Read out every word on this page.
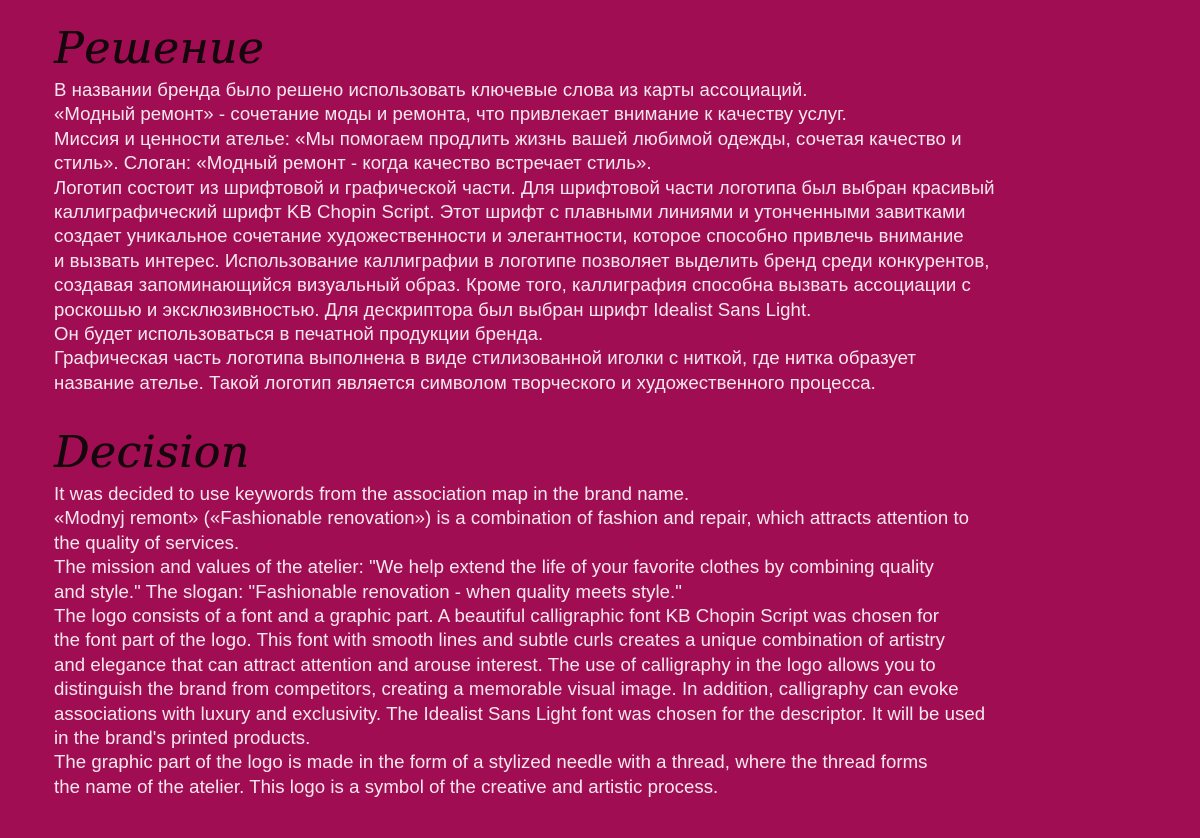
Решение
В названии бренда было решено использовать ключевые слова из карты ассоциаций.
«Модный ремонт» - сочетание моды и ремонта, что привлекает внимание к качеству услуг.
Миссия и ценности ателье: «Мы помогаем продлить жизнь вашей любимой одежды, сочетая качество и
стиль». Слоган: «Модный ремонт - когда качество встречает стиль».
Логотип состоит из шрифтовой и графической части. Для шрифтовой части логотипа был выбран красивый
каллиграфический шрифт KB Chopin Script. Этот шрифт с плавными линиями и утонченными завитками
создает уникальное сочетание художественности и элегантности, которое способно привлечь внимание
и вызвать интерес. Использование каллиграфии в логотипе позволяет выделить бренд среди конкурентов,
создавая запоминающийся визуальный образ. Кроме того, каллиграфия способна вызвать ассоциации с
роскошью и эксклюзивностью. Для дескриптора был выбран шрифт Idealist Sans Light.
Он будет использоваться в печатной продукции бренда.
Графическая часть логотипа выполнена в виде стилизованной иголки с ниткой, где нитка образует
название ателье. Такой логотип является символом творческого и художественного процесса.
Decision
It was decided to use keywords from the association map in the brand name.
«Modnyj remont» («Fashionable renovation») is a combination of fashion and repair, which attracts attention to
the quality of services.
The mission and values of the atelier: "We help extend the life of your favorite clothes by combining quality
and style." The slogan: "Fashionable renovation - when quality meets style."
The logo consists of a font and a graphic part. A beautiful calligraphic font KB Chopin Script was chosen for
the font part of the logo. This font with smooth lines and subtle curls creates a unique combination of artistry
and elegance that can attract attention and arouse interest. The use of calligraphy in the logo allows you to
distinguish the brand from competitors, creating a memorable visual image. In addition, calligraphy can evoke
associations with luxury and exclusivity. The Idealist Sans Light font was chosen for the descriptor. It will be used
in the brand's printed products.
The graphic part of the logo is made in the form of a stylized needle with a thread, where the thread forms
the name of the atelier. This logo is a symbol of the creative and artistic process.
